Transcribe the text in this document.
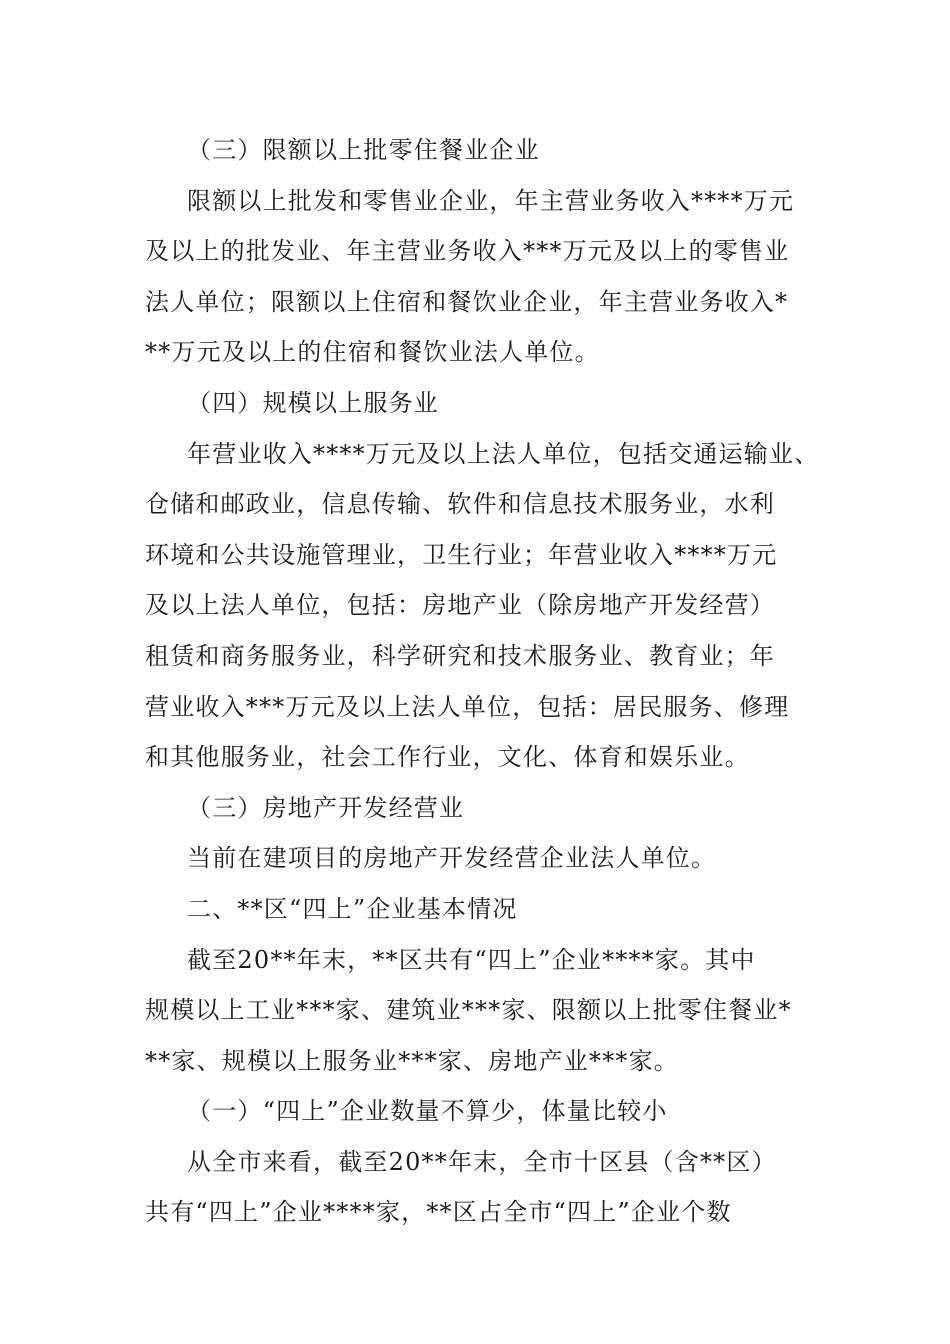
（三）限额以上批零住餐业企业
限额以上批发和零售业企业，年主营业务收入****万元
及以上的批发业、年主营业务收入***万元及以上的零售业
法人单位；限额以上住宿和餐饮业企业，年主营业务收入*
**万元及以上的住宿和餐饮业法人单位。
（四）规模以上服务业
年营业收入****万元及以上法人单位，包括交通运输业、
仓储和邮政业，信息传输、软件和信息技术服务业，水利
环境和公共设施管理业，卫生行业；年营业收入****万元
及以上法人单位，包括：房地产业（除房地产开发经营）
租赁和商务服务业，科学研究和技术服务业、教育业；年
营业收入***万元及以上法人单位，包括：居民服务、修理
和其他服务业，社会工作行业，文化、体育和娱乐业。
（三）房地产开发经营业
当前在建项目的房地产开发经营企业法人单位。
二、**区“四上”企业基本情况
截至20**年末，**区共有“四上”企业****家。其中
规模以上工业***家、建筑业***家、限额以上批零住餐业*
**家、规模以上服务业***家、房地产业***家。
（一）“四上”企业数量不算少，体量比较小
从全市来看，截至20**年末，全市十区县（含**区）
共有“四上”企业****家，**区占全市“四上”企业个数
